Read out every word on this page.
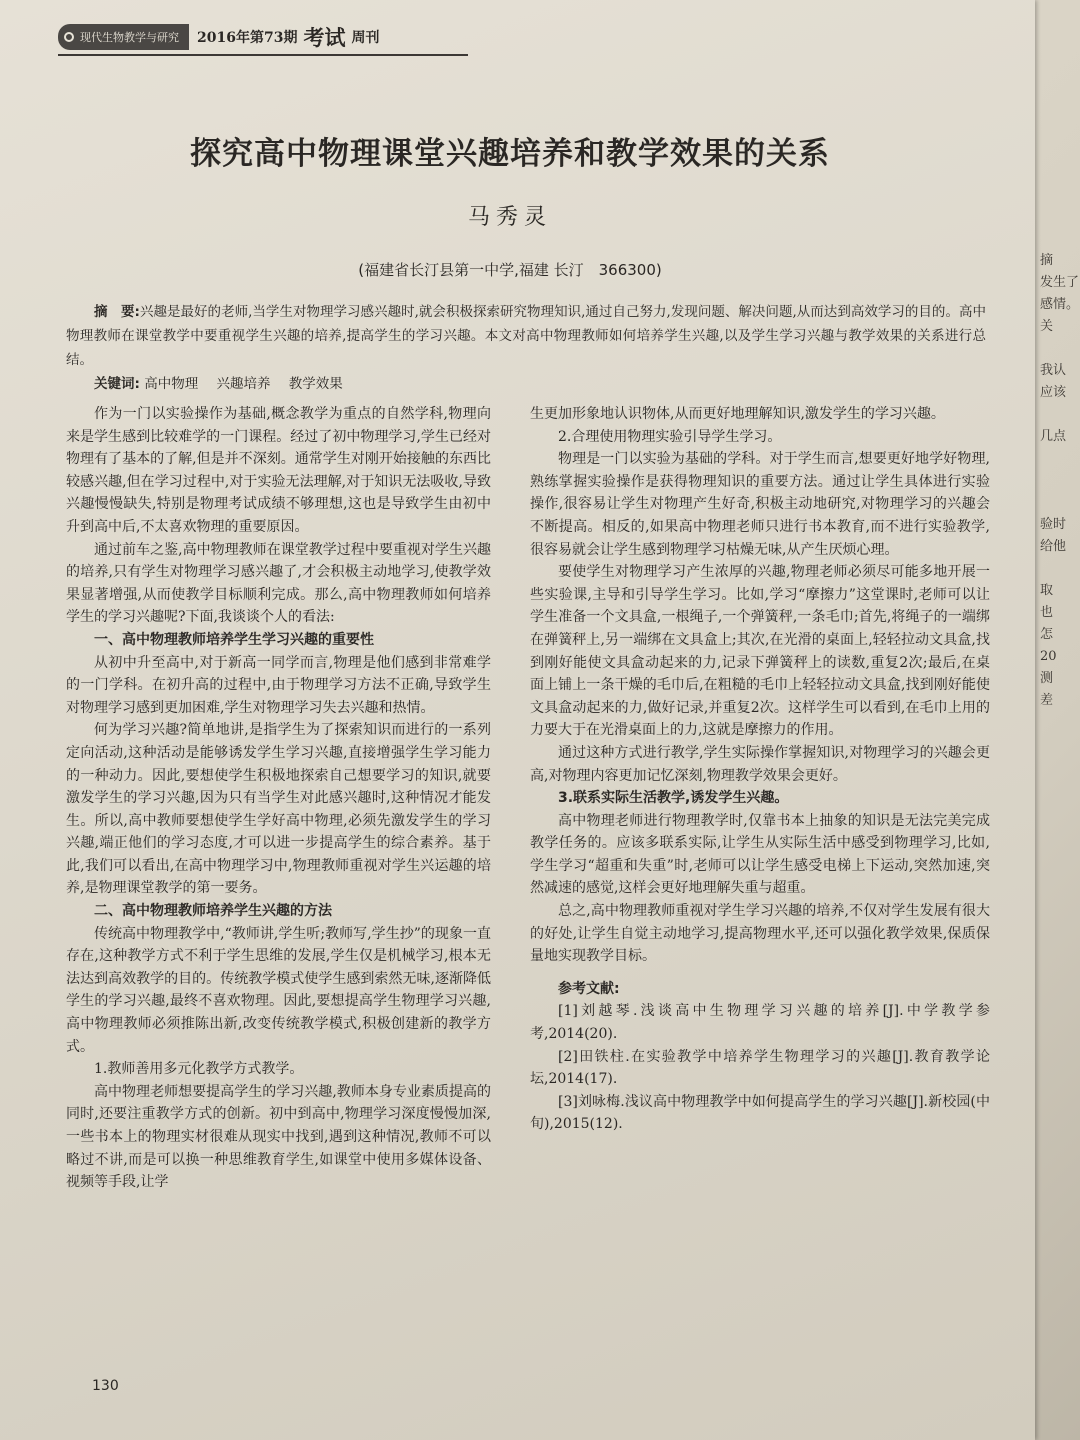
现代生物教学与研究 2016年第73期 考试 周刊
探究高中物理课堂兴趣培养和教学效果的关系
马秀灵
(福建省长汀县第一中学,福建 长汀　366300)
摘　要:兴趣是最好的老师,当学生对物理学习感兴趣时,就会积极探索研究物理知识,通过自己努力,发现问题、解决问题,从而达到高效学习的目的。高中物理教师在课堂教学中要重视学生兴趣的培养,提高学生的学习兴趣。本文对高中物理教师如何培养学生兴趣,以及学生学习兴趣与教学效果的关系进行总结。
关键词: 高中物理 兴趣培养 教学效果

作为一门以实验操作为基础,概念教学为重点的自然学科,物理向来是学生感到比较难学的一门课程。经过了初中物理学习,学生已经对物理有了基本的了解,但是并不深刻。通常学生对刚开始接触的东西比较感兴趣,但在学习过程中,对于实验无法理解,对于知识无法吸收,导致兴趣慢慢缺失,特别是物理考试成绩不够理想,这也是导致学生由初中升到高中后,不太喜欢物理的重要原因。

通过前车之鉴,高中物理教师在课堂教学过程中要重视对学生兴趣的培养,只有学生对物理学习感兴趣了,才会积极主动地学习,使教学效果显著增强,从而使教学目标顺利完成。那么,高中物理教师如何培养学生的学习兴趣呢?下面,我谈谈个人的看法:

一、高中物理教师培养学生学习兴趣的重要性

从初中升至高中,对于新高一同学而言,物理是他们感到非常难学的一门学科。在初升高的过程中,由于物理学习方法不正确,导致学生对物理学习感到更加困难,学生对物理学习失去兴趣和热情。

何为学习兴趣?简单地讲,是指学生为了探索知识而进行的一系列定向活动,这种活动是能够诱发学生学习兴趣,直接增强学生学习能力的一种动力。因此,要想使学生积极地探索自己想要学习的知识,就要激发学生的学习兴趣,因为只有当学生对此感兴趣时,这种情况才能发生。所以,高中教师要想使学生学好高中物理,必须先激发学生的学习兴趣,端正他们的学习态度,才可以进一步提高学生的综合素养。基于此,我们可以看出,在高中物理学习中,物理教师重视对学生兴运趣的培养,是物理课堂教学的第一要务。

二、高中物理教师培养学生兴趣的方法

传统高中物理教学中,“教师讲,学生听;教师写,学生抄”的现象一直存在,这种教学方式不利于学生思维的发展,学生仅是机械学习,根本无法达到高效教学的目的。传统教学模式使学生感到索然无味,逐渐降低学生的学习兴趣,最终不喜欢物理。因此,要想提高学生物理学习兴趣,高中物理教师必须推陈出新,改变传统教学模式,积极创建新的教学方式。

1.教师善用多元化教学方式教学。

高中物理老师想要提高学生的学习兴趣,教师本身专业素质提高的同时,还要注重教学方式的创新。初中到高中,物理学习深度慢慢加深,一些书本上的物理实材很难从现实中找到,遇到这种情况,教师不可以略过不讲,而是可以换一种思维教育学生,如课堂中使用多媒体设备、视频等手段,让学

生更加形象地认识物体,从而更好地理解知识,激发学生的学习兴趣。

2.合理使用物理实验引导学生学习。

物理是一门以实验为基础的学科。对于学生而言,想要更好地学好物理,熟练掌握实验操作是获得物理知识的重要方法。通过让学生具体进行实验操作,很容易让学生对物理产生好奇,积极主动地研究,对物理学习的兴趣会不断提高。相反的,如果高中物理老师只进行书本教育,而不进行实验教学,很容易就会让学生感到物理学习枯燥无味,从产生厌烦心理。

要使学生对物理学习产生浓厚的兴趣,物理老师必须尽可能多地开展一些实验课,主导和引导学生学习。比如,学习“摩擦力”这堂课时,老师可以让学生准备一个文具盒,一根绳子,一个弹簧秤,一条毛巾;首先,将绳子的一端绑在弹簧秤上,另一端绑在文具盒上;其次,在光滑的桌面上,轻轻拉动文具盒,找到刚好能使文具盒动起来的力,记录下弹簧秤上的读数,重复2次;最后,在桌面上铺上一条干燥的毛巾后,在粗糙的毛巾上轻轻拉动文具盒,找到刚好能使文具盒动起来的力,做好记录,并重复2次。这样学生可以看到,在毛巾上用的力要大于在光滑桌面上的力,这就是摩擦力的作用。

通过这种方式进行教学,学生实际操作掌握知识,对物理学习的兴趣会更高,对物理内容更加记忆深刻,物理教学效果会更好。

3.联系实际生活教学,诱发学生兴趣。

高中物理老师进行物理教学时,仅靠书本上抽象的知识是无法完美完成教学任务的。应该多联系实际,让学生从实际生活中感受到物理学习,比如,学生学习“超重和失重”时,老师可以让学生感受电梯上下运动,突然加速,突然减速的感觉,这样会更好地理解失重与超重。

总之,高中物理教师重视对学生学习兴趣的培养,不仅对学生发展有很大的好处,让学生自觉主动地学习,提高物理水平,还可以强化教学效果,保质保量地实现教学目标。

参考文献:

[1]刘越琴.浅谈高中生物理学习兴趣的培养[J].中学教学参考,2014(20).

[2]田铁柱.在实验教学中培养学生物理学习的兴趣[J].教育教学论坛,2014(17).

[3]刘咏梅.浅议高中物理教学中如何提高学生的学习兴趣[J].新校园(中旬),2015(12).

130
摘
发生了
感情。
关
我认
应该
几点
验时
给他
取
也
怎
20
测
差
